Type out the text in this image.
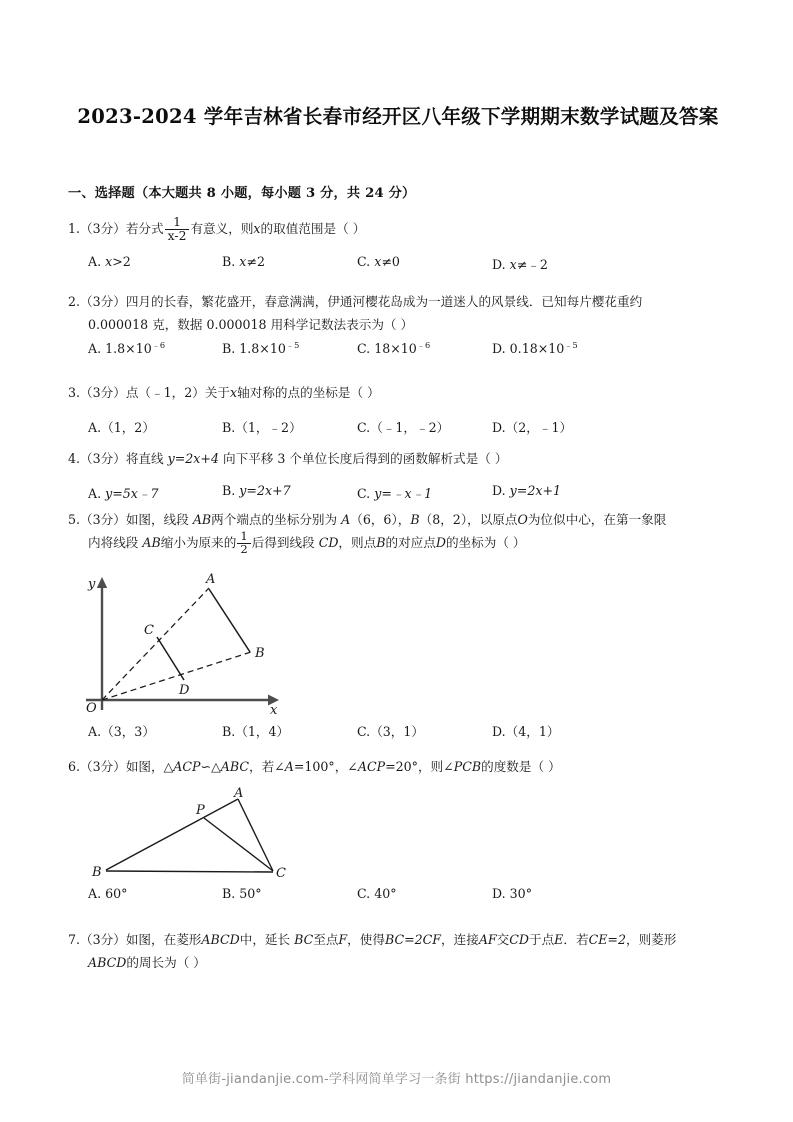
2023-2024 学年吉林省长春市经开区八年级下学期期末数学试题及答案
一、选择题（本大题共 8 小题，每小题 3 分，共 24 分）
1.（3分）若分式 $\frac{1}{x-2}$ 有意义，则x的取值范围是（ ）
A. x>2	B. x≠2	C. x≠0	D. x≠﹣2
2.（3分）四月的长春，繁花盛开，春意满满，伊通河樱花岛成为一道迷人的风景线．已知每片樱花重约
0.000018 克，数据 0.000018 用科学记数法表示为（ ）
A. $1.8\times 10^{﹣6}$	B. $1.8\times 10^{﹣5}$	C. $18\times 10^{﹣6}$	D. $0.18\times 10^{﹣5}$
3.（3分）点（﹣1，2）关于x轴对称的点的坐标是（ ）
A.（1，2）	B.（1，﹣2）	C.（﹣1，﹣2）	D.（2，﹣1）
4.（3分）将直线 y=2x+4 向下平移 3 个单位长度后得到的函数解析式是（ ）
A. y=5x﹣7	B. y=2x+7	C. y=﹣x﹣1	D. y=2x+1
5.（3分）如图，线段 AB两个端点的坐标分别为 A（6，6），B（8，2），以原点O为位似中心，在第一象限
内将线段 AB缩小为原来的 $\frac{1}{2}$ 后得到线段 CD，则点B的对应点D的坐标为（ ）
A
B
C
D
O	x
y
A.（3，3）	B.（1，4）	C.（3，1）	D.（4，1）
6.（3分）如图，△ACP∽△ABC，若∠A=100°，∠ACP=20°，则∠PCB的度数是（ ）
A
B	C
P
A. 60°	B. 50°	C. 40°	D. 30°
7.（3分）如图，在菱形ABCD中，延长 BC至点F，使得BC=2CF，连接AF交CD于点E．若CE=2，则菱形
ABCD的周长为（ ）
简单街-jiandanjie.com-学科网简单学习一条街 https://jiandanjie.com
